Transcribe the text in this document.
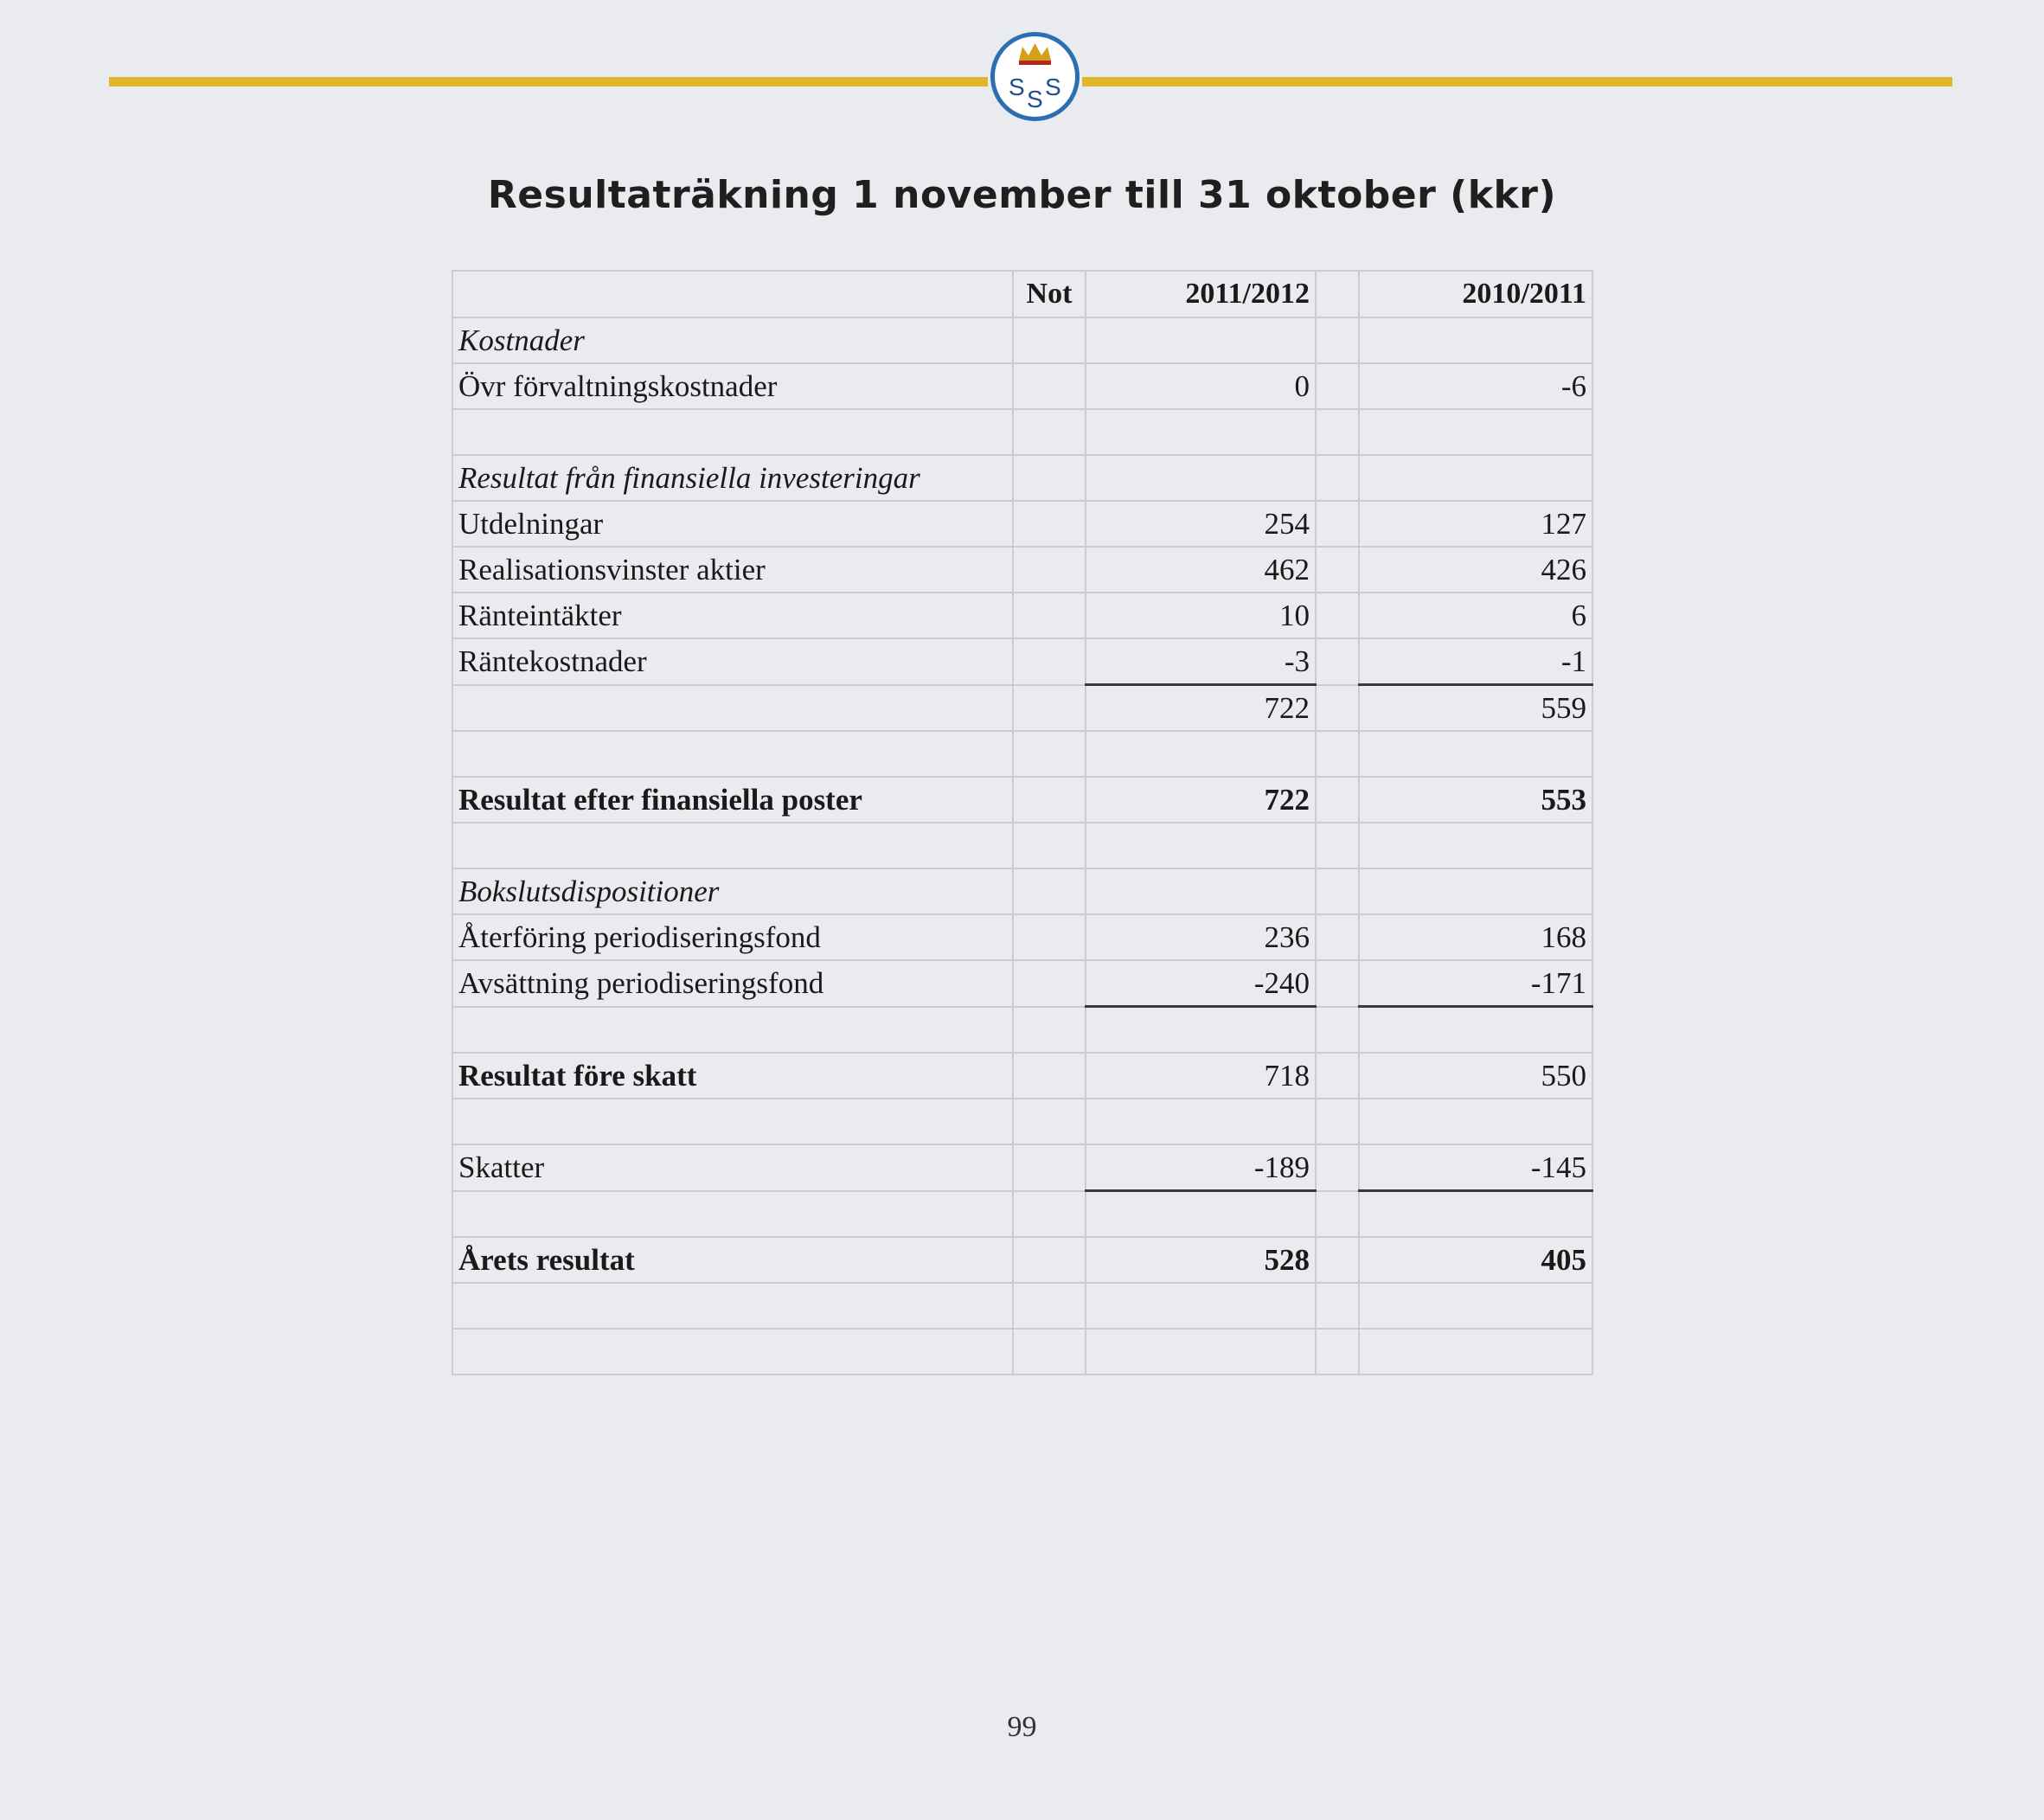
S S S
Resultaträkning 1 november till 31 oktober (kkr)
	Not	2011/2012		2010/2011
Kostnader				
Övr förvaltningskostnader		0		-6

Resultat från finansiella investeringar				
Utdelningar		254		127
Realisationsvinster aktier		462		426
Ränteintäkter		10		6
Räntekostnader		-3		-1
		722		559

Resultat efter finansiella poster		722		553

Bokslutsdispositioner				
Återföring periodiseringsfond		236		168
Avsättning periodiseringsfond		-240		-171

Resultat före skatt		718		550

Skatter		-189		-145

Årets resultat		528		405

99
